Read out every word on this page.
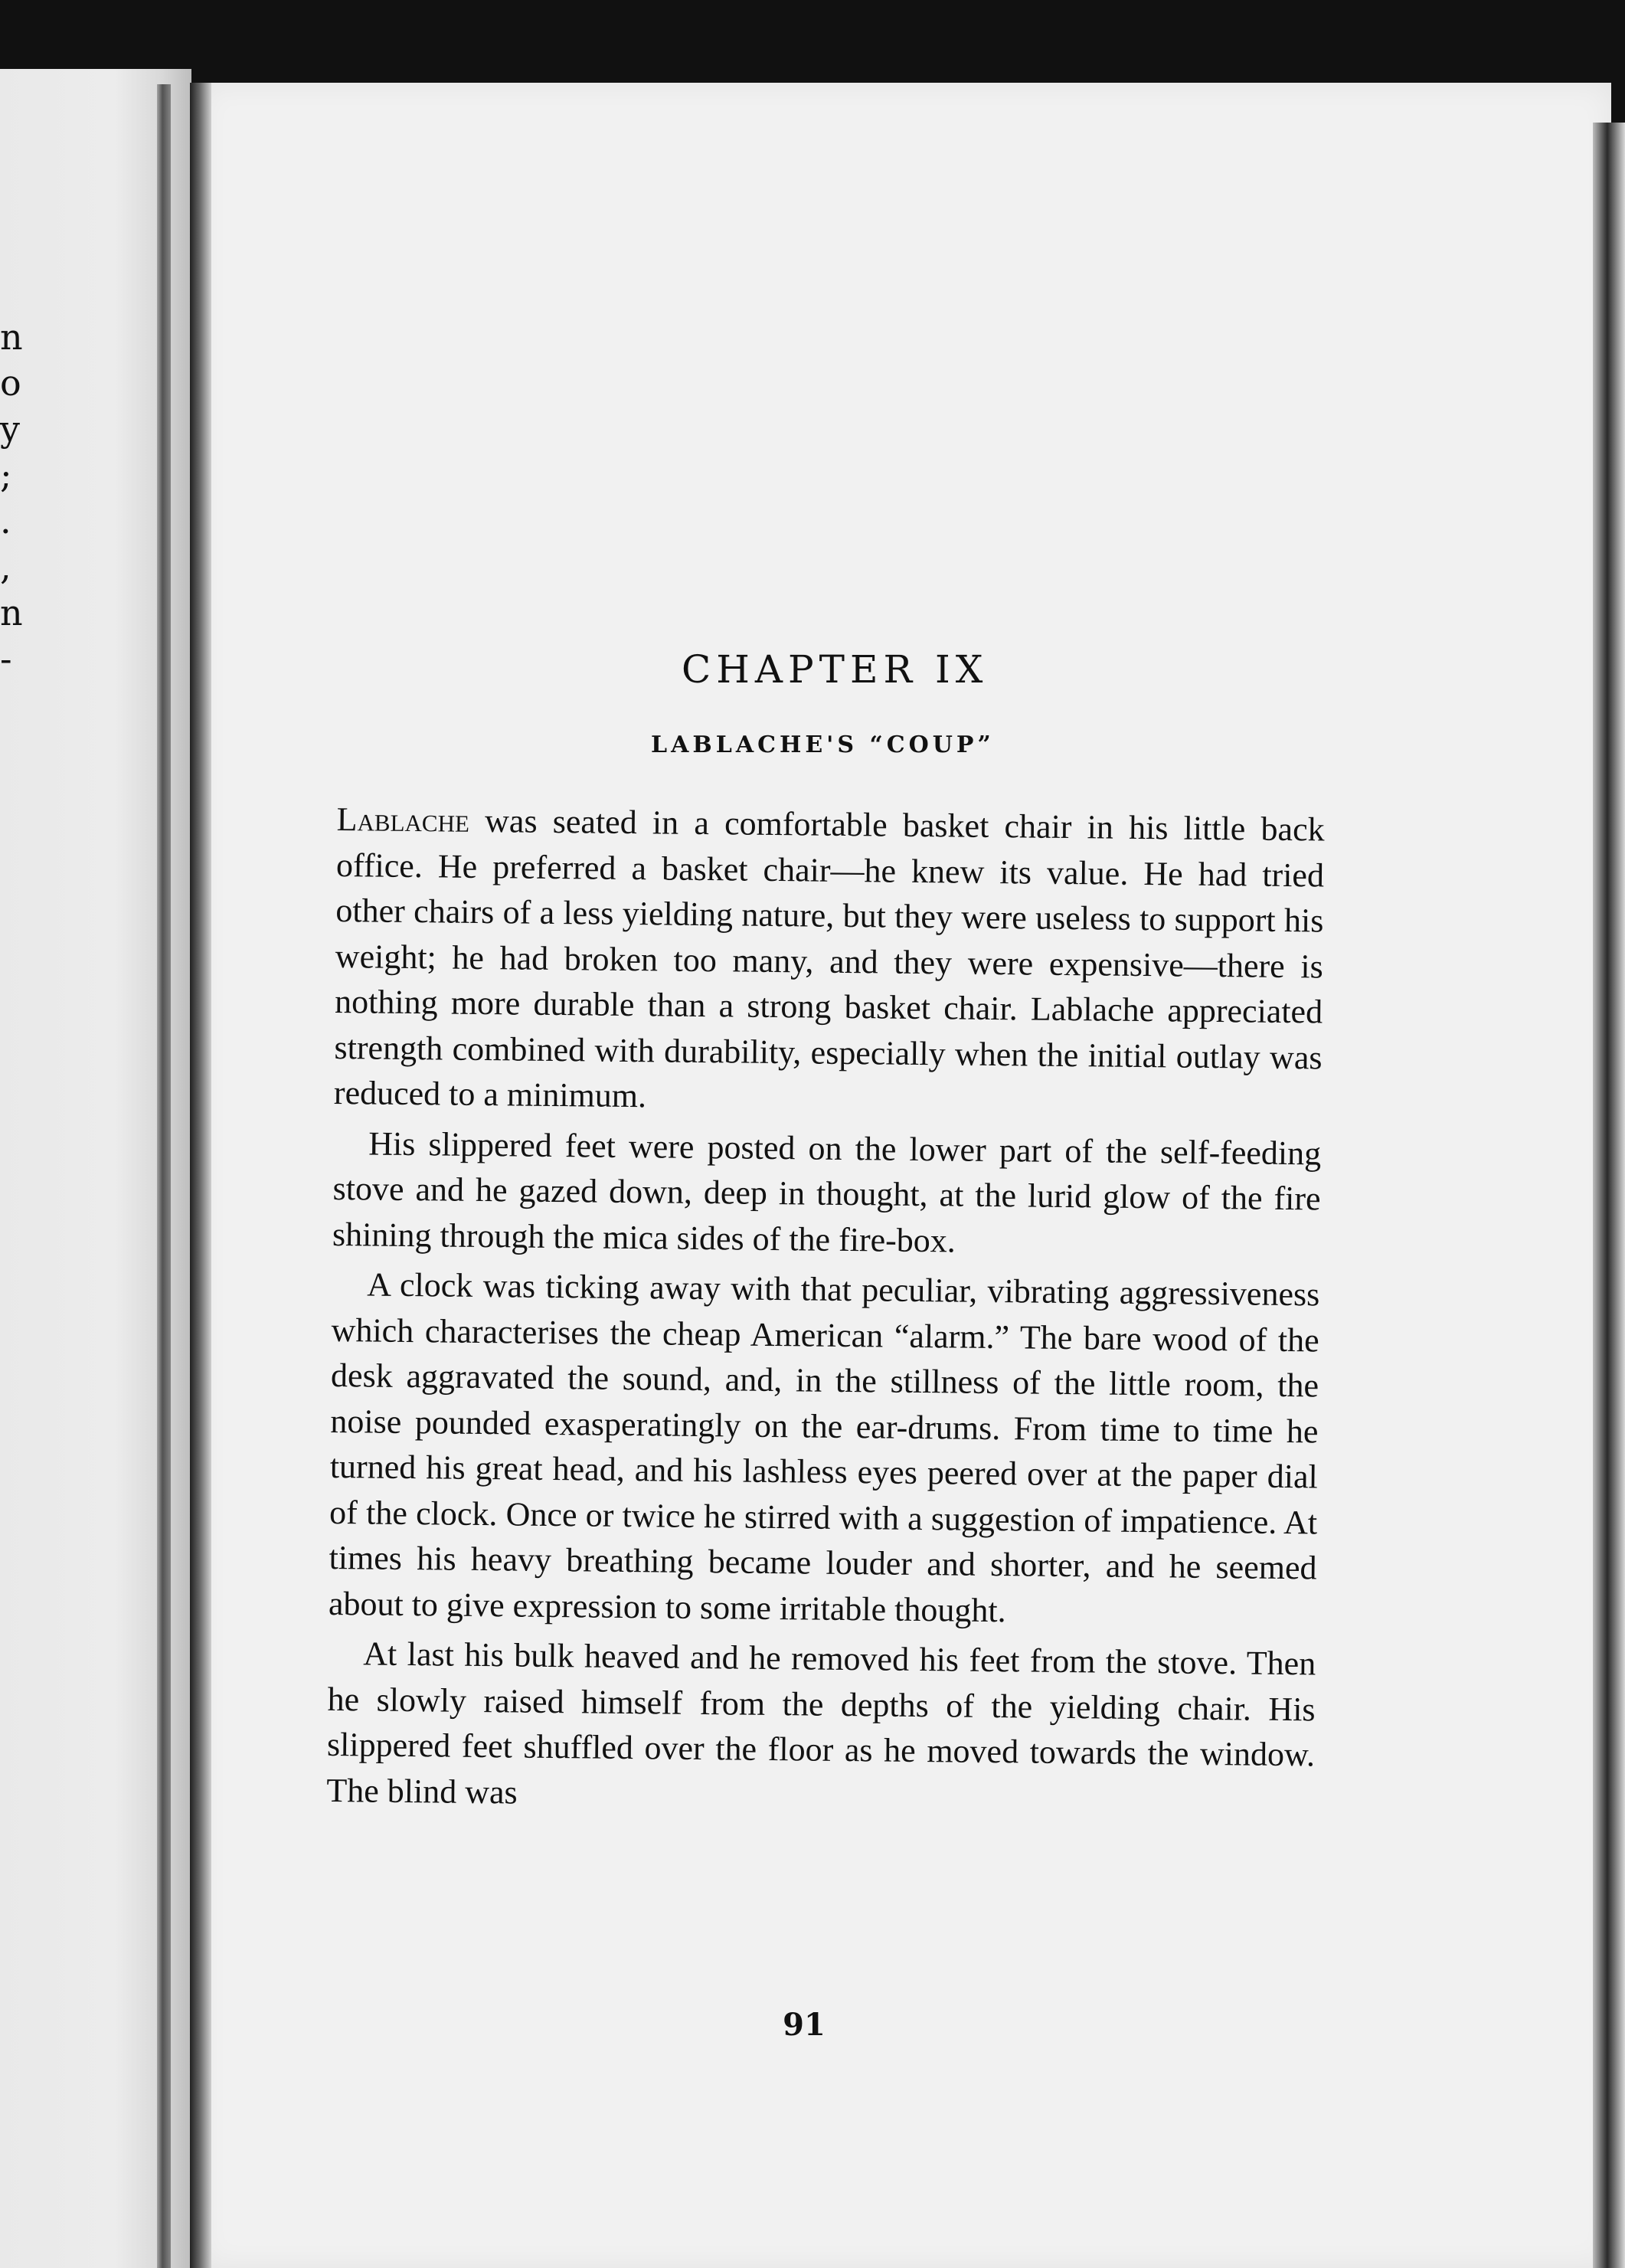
n
o
y
;
.
,
n
-	CHAPTER IX
LABLACHE'S “COUP”

Lablache was seated in a comfortable basket chair in his little back office. He preferred a basket chair—he knew its value. He had tried other chairs of a less yielding nature, but they were useless to support his weight; he had broken too many, and they were expensive—there is nothing more durable than a strong basket chair. Lablache appreciated strength combined with durability, especially when the initial outlay was reduced to a minimum.

His slippered feet were posted on the lower part of the self-feeding stove and he gazed down, deep in thought, at the lurid glow of the fire shining through the mica sides of the fire-box.

A clock was ticking away with that peculiar, vibrating aggressiveness which characterises the cheap American “alarm.” The bare wood of the desk aggravated the sound, and, in the stillness of the little room, the noise pounded exasperatingly on the ear-drums. From time to time he turned his great head, and his lashless eyes peered over at the paper dial of the clock. Once or twice he stirred with a suggestion of impatience. At times his heavy breathing became louder and shorter, and he seemed about to give expression to some irritable thought.

At last his bulk heaved and he removed his feet from the stove. Then he slowly raised himself from the depths of the yielding chair. His slippered feet shuffled over the floor as he moved towards the window. The blind was

91
